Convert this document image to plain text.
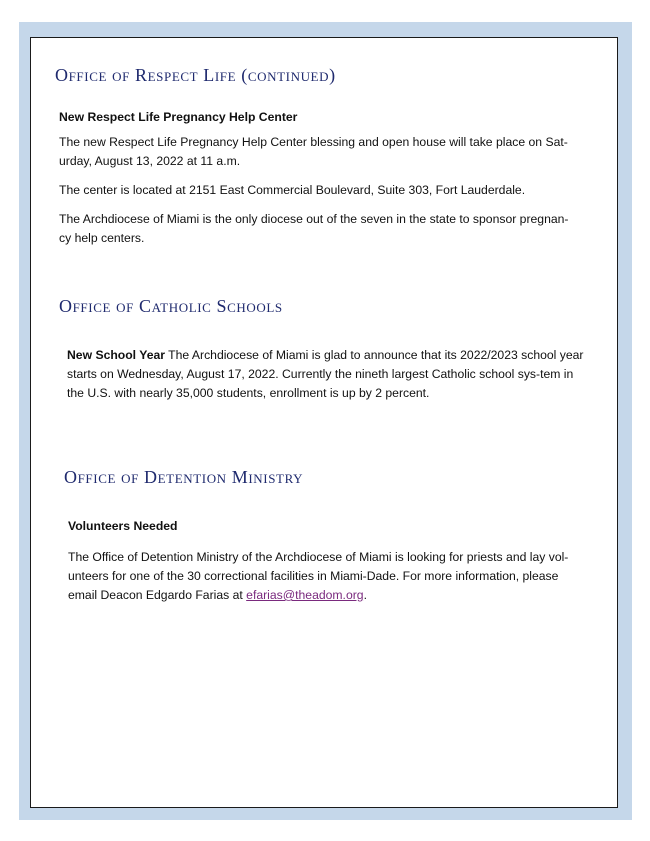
Office of Respect Life (continued)
New Respect Life Pregnancy Help Center
The new Respect Life Pregnancy Help Center blessing and open house will take place on Sat-urday, August 13, 2022 at 11 a.m.
The center is located at 2151 East Commercial Boulevard, Suite 303, Fort Lauderdale.
The Archdiocese of Miami is the only diocese out of the seven in the state to sponsor pregnan-cy help centers.
Office of Catholic Schools
New School Year The Archdiocese of Miami is glad to announce that its 2022/2023 school year starts on Wednesday, August 17, 2022. Currently the nineth largest Catholic school sys-tem in the U.S. with nearly 35,000 students, enrollment is up by 2 percent.
Office of Detention Ministry
Volunteers Needed
The Office of Detention Ministry of the Archdiocese of Miami is looking for priests and lay vol-unteers for one of the 30 correctional facilities in Miami-Dade. For more information, please email Deacon Edgardo Farias at efarias@theadom.org.
